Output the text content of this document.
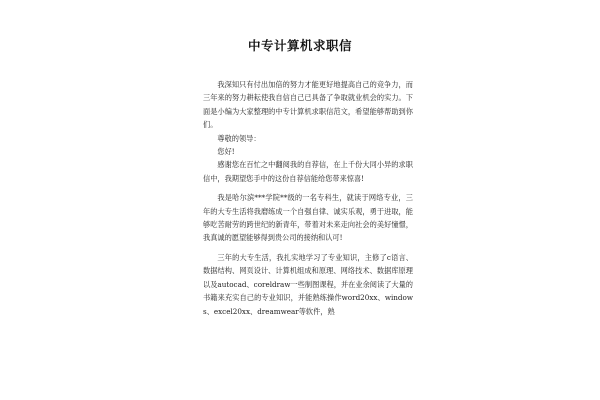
中专计算机求职信

我深知只有付出加倍的努力才能更好地提高自己的竞争力，而三年来的努力耕耘使我自信自己已具备了争取就业机会的实力。下面是小编为大家整理的中专计算机求职信范文，希望能够帮助到你们。

尊敬的领导：

您好!

感谢您在百忙之中翻阅我的自荐信，在上千份大同小异的求职信中，我期望您手中的这份自荐信能给您带来惊喜!

我是哈尔滨***学院**级的一名专科生，就读于网络专业，三年的大专生活将我磨练成一个自强自律、诚实乐观，勇于进取，能够吃苦耐劳的跨世纪的新青年，带着对未来走向社会的美好憧憬，我真诚的愿望能够得到贵公司的接纳和认可!

三年的大专生活，我扎实地学习了专业知识，主修了c语言、数据结构、网页设计、计算机组成和原理、网络技术、数据库原理以及autocad、coreldraw一些制图课程，并在业余阅读了大量的书籍来充实自己的专业知识，并能熟练操作word20xx、windows、excel20xx、dreamwear等软件，熟
